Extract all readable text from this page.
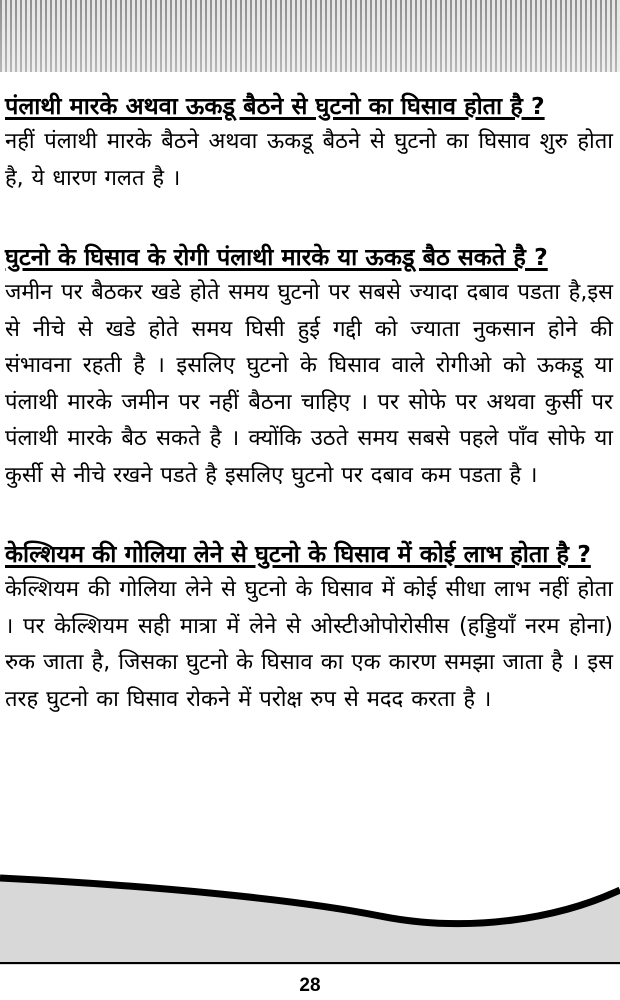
पंलाथी मारके अथवा ऊकडू बैठने से घुटनो का घिसाव होता है ?

नहीं पंलाथी मारके बैठने अथवा ऊकडू बैठने से घुटनो का घिसाव शुरु होता है, ये धारण गलत है ।

घुटनो के घिसाव के रोगी पंलाथी मारके या ऊकडू बैठ सकते है ?

जमीन पर बैठकर खडे होते समय घुटनो पर सबसे ज्यादा दबाव पडता है,इस से नीचे से खडे होते समय घिसी हुई गद्दी को ज्याता नुकसान होने की संभावना रहती है । इसलिए घुटनो के घिसाव वाले रोगीओ को ऊकडू या पंलाथी मारके जमीन पर नहीं बैठना चाहिए । पर सोफे पर अथवा कुर्सी पर पंलाथी मारके बैठ सकते है । क्योंकि उठते समय सबसे पहले पाँव सोफे या कुर्सी से नीचे रखने पडते है इसलिए घुटनो पर दबाव कम पडता है ।

केल्शियम की गोलिया लेने से घुटनो के घिसाव में कोई लाभ होता है ?

केल्शियम की गोलिया लेने से घुटनो के घिसाव में कोई सीधा लाभ नहीं होता । पर केल्शियम सही मात्रा में लेने से ओस्टीओपोरोसीस (हड्डियाँ नरम होना) रुक जाता है, जिसका घुटनो के घिसाव का एक कारण समझा जाता है । इस तरह घुटनो का घिसाव रोकने में परोक्ष रुप से मदद करता है ।

28
